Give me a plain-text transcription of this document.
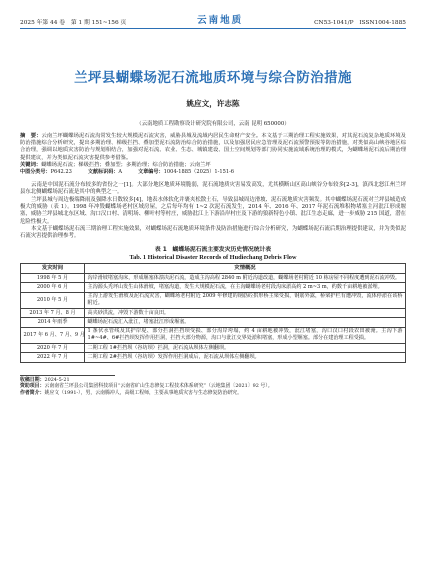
2025 年第 44 卷　第 1 期 151~156 页	云南地质	CN53-1041/P　ISSN1004-1885
兰坪县蝴蝶场泥石流地质环境与综合防治措施
姚应文，许志陈
（云南地质工程勘察设计研究院有限公司，云南 昆明 650000）
摘　要：云南兰坪蝴蝶场泥石流沟常发生较大规模泥石流灾害，威胁县城及流域内居民生命财产安全。本文基于三期治理工程实施效果，对其泥石流复杂地质环境及防治措施综合分析研究，提出多期治理、梯级拦挡、叠加型泥石流防治综合防治措施，以及加强居民应急管理及泥石流预警预报等防治措施，对类似高山峡谷地区综合治理，强调以地质灾害防治与规划相结合，加强对泥石流、农业、生态、城镇建设、国土空间规划等部门协同实施流域系统治理的模式，为蝴蝶场泥石流后期治理提供建议，并为类似泥石流灾害提供参考借鉴。
关键词：蝴蝶场泥石流；梯级拦挡；叠加型；多期治理；综合防治措施；云南兰坪
中图分类号：P642.23	文献标识码：A	文章编号：1004-1885（2025）1-151-6

云南是中国泥石流分布较多的省份之一[1]。大部分地区地质环境脆弱，泥石流地质灾害易发高发，尤其横断山区高山峡谷分布较多[2-3]，滇西北怒江州兰坪县东北侧蝴蝶场泥石流是其中的典型之一。

兰坪县城与周边极端降雨及强降水日数较多[4]，地表水体软化并裹夹松散土石，导致县城周边滑坡、泥石流地质灾害频发。其中蝴蝶场泥石流对兰坪县城造成极大的威胁（表 1）。1998 年冲毁蝴蝶场老村区域房屋，之后每年均有 1~2 次泥石流发生，2014 年、2016 年、2017 年泥石流堆积物堵塞主河沘江形成堰塞，威胁兰坪县城北东区域、沟口汉口村、清明场、柳叶村等村庄，威胁沘江上下游沿岸村庄及下游的狼新特色小镇、沘江生态走廊，进一步威胁 215 国道，潜在危险性极大。

本文基于蝴蝶场泥石流三期治理工程实施效果，对蝴蝶场泥石流地质环境条件及防治措施进行综合分析研究，为蝴蝶场泥石流后期治理提供建议，并为类似泥石流灾害提供治理参考。

表 1　蝴蝶场泥石流主要发灾历史情况统计表
Tab. 1 Historical Disaster Records of Hudiechang Debris Flow
发灾时间	灾情概况
1998 年 5 月	沟岸滑坡堵塞沟床，形成堰塞体溃决泥石流，造成主沟高程 2840 m 附近沟道改道，蝴蝶场老村附近 10 栋房屋不同程度遭到泥石流冲毁。
2000 年 6 月	主沟源头秃坪山发生山体滑坡，堵塞沟道，发生大规模泥石流，在主沟蝴蝶场老村段沟床淤高约 2 m~3 m，约数千亩耕地被淤埋。
2010 年 5 月	主沟上游发生滑坡及泥石流灾害，蝴蝶场老村附近 2009 年修建的钢筋砼拱形桥主梁受损，钢筋外露，桥梁护栏有遭冲毁，流体停淤在该桥附近。
2013 年 7 月、8 月	高夹砂洪流，冲毁下游数十亩良田。
2014 年雨季	蝴蝶场泥石流汇入沘江，堵塞沘江形成堰塞。
2017 年 6 月、7 月、9 月	1 条伏水管线及其护岸堤、部分拦洞拦挡坝受损、部分沟岸垮塌，约 4 亩耕地被冲毁，沘江堵塞，沟口汉口村段农田被淹。主沟下游 1#~4#、6#拦挡坝发挥作用拦洞，拦挡大部分物源，沟口与沘江交界处淤积堵塞，形成小型堰塞。部分在建治理工程受损。
2020 年 7 月	二期工程 1#拦挡坝（谷坊坝）拦洞，泥石流从坝体左侧翻坝。
2022 年 7 月	二期工程 2#拦挡坝（谷坊坝）发挥作用拦洞成后，泥石流从坝体左侧翻坝。
收稿日期：2024-5-21
资助项目：云南南省兰坪县公司集团科技项目“云南省矿山生态修复工程技术体系研究”（云地集团〔2021〕92 号）。
作者简介：姚应文（1991-），男，云南腾冲人，高级工程师，主要从事地质灾害与生态修复防治研究。
